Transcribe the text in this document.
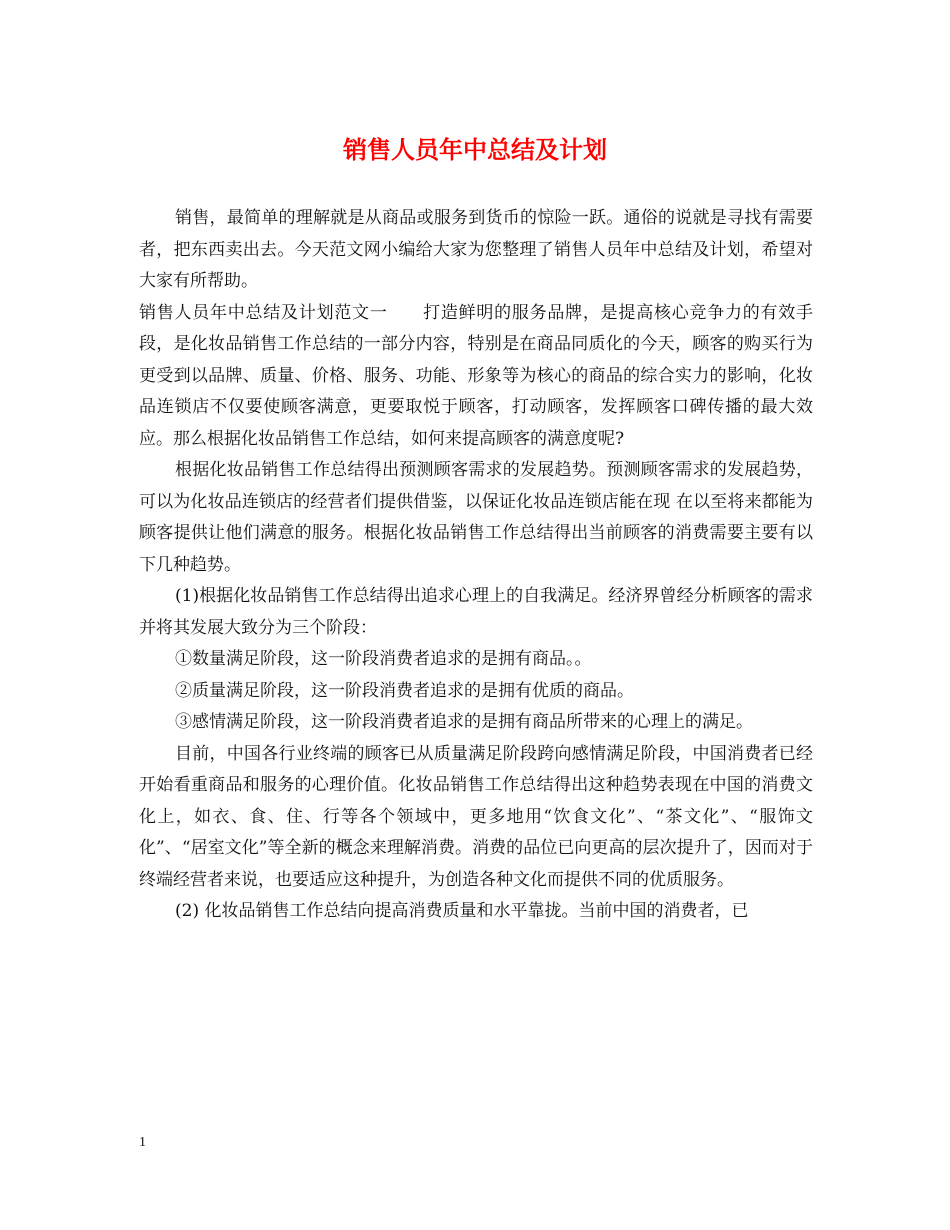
销售人员年中总结及计划

销售，最简单的理解就是从商品或服务到货币的惊险一跃。通俗的说就是寻找有需要者，把东西卖出去。今天范文网小编给大家为您整理了销售人员年中总结及计划，希望对大家有所帮助。

销售人员年中总结及计划范文一　　打造鲜明的服务品牌，是提高核心竞争力的有效手段，是化妆品销售工作总结的一部分内容，特别是在商品同质化的今天，顾客的购买行为更受到以品牌、质量、价格、服务、功能、形象等为核心的商品的综合实力的影响，化妆品连锁店不仅要使顾客满意，更要取悦于顾客，打动顾客，发挥顾客口碑传播的最大效应。那么根据化妆品销售工作总结，如何来提高顾客的满意度呢?

根据化妆品销售工作总结得出预测顾客需求的发展趋势。预测顾客需求的发展趋势，可以为化妆品连锁店的经营者们提供借鉴，以保证化妆品连锁店能在现 在以至将来都能为顾客提供让他们满意的服务。根据化妆品销售工作总结得出当前顾客的消费需要主要有以下几种趋势。

(1)根据化妆品销售工作总结得出追求心理上的自我满足。经济界曾经分析顾客的需求并将其发展大致分为三个阶段：

①数量满足阶段，这一阶段消费者追求的是拥有商品。。

②质量满足阶段，这一阶段消费者追求的是拥有优质的商品。

③感情满足阶段，这一阶段消费者追求的是拥有商品所带来的心理上的满足。

目前，中国各行业终端的顾客已从质量满足阶段跨向感情满足阶段，中国消费者已经开始看重商品和服务的心理价值。化妆品销售工作总结得出这种趋势表现在中国的消费文化上，如衣、食、住、行等各个领域中，更多地用“饮食文化”、“茶文化”、“服饰文化”、“居室文化”等全新的概念来理解消费。消费的品位已向更高的层次提升了，因而对于终端经营者来说，也要适应这种提升，为创造各种文化而提供不同的优质服务。

(2) 化妆品销售工作总结向提高消费质量和水平靠拢。当前中国的消费者，已

1
